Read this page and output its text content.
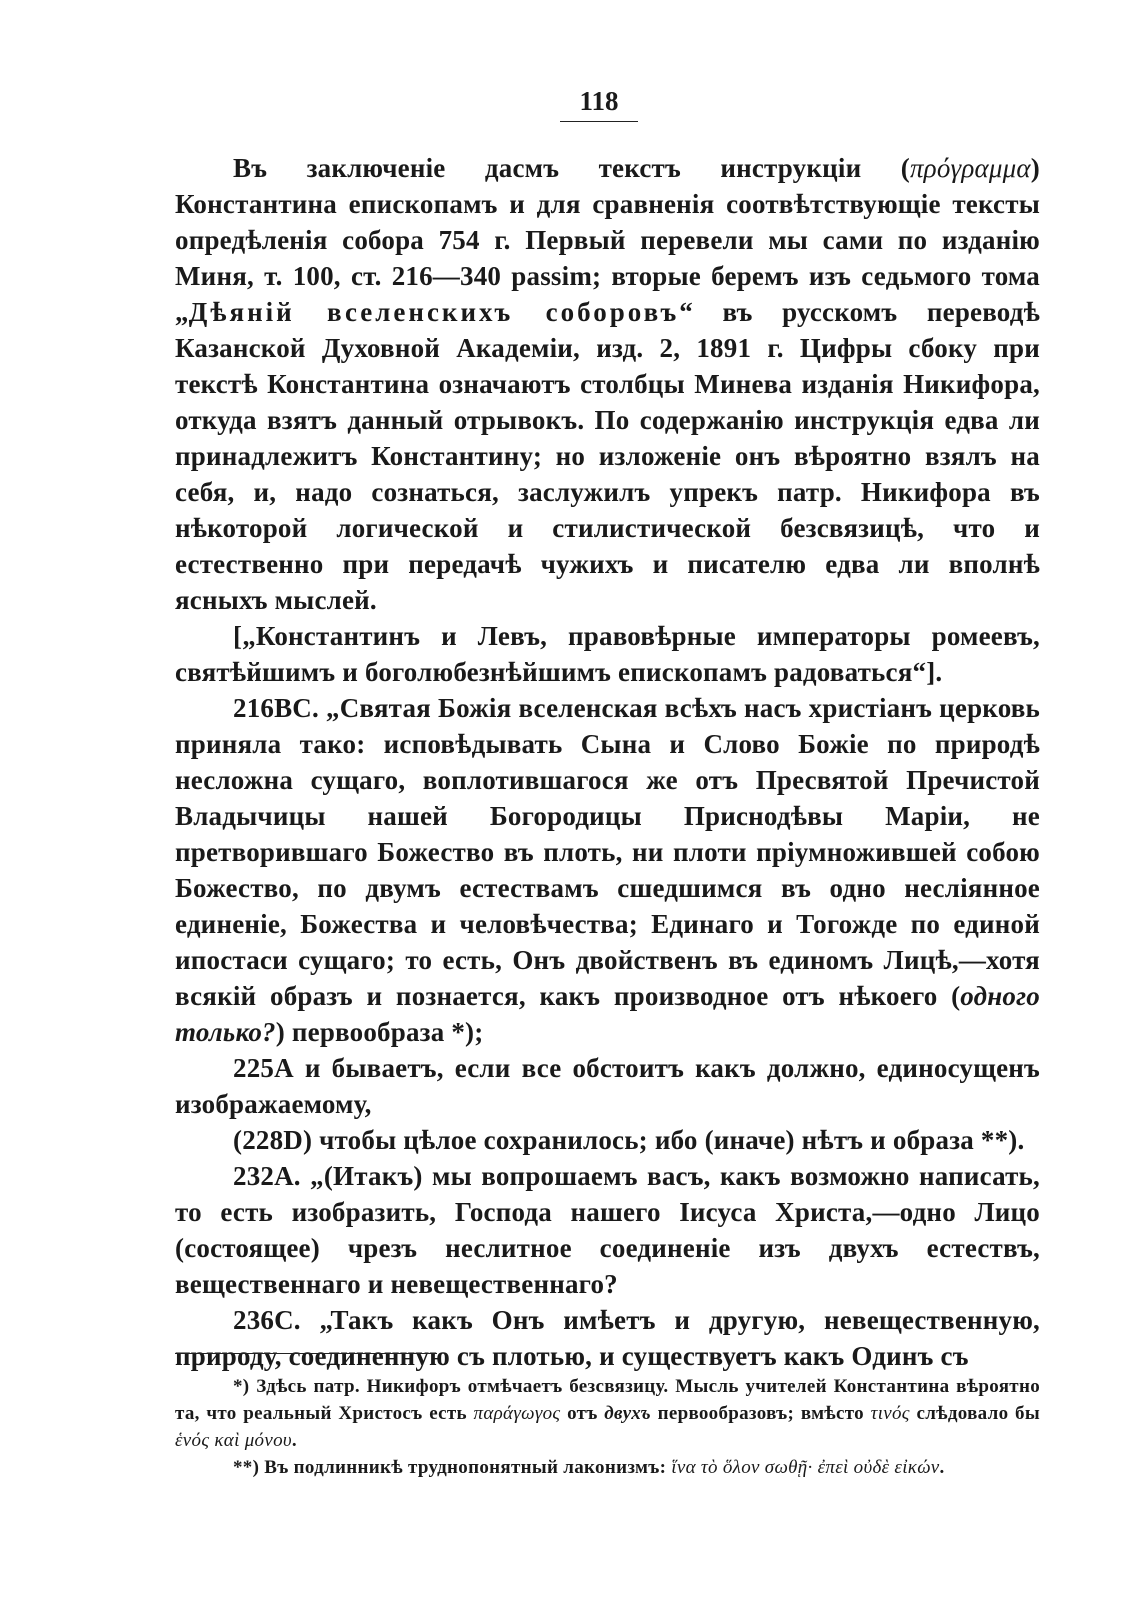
118

Въ заключеніе дасмъ текстъ инструкціи (πρόγραμμα) Константина епископамъ и для сравненія соотвѣтствующіе тексты опредѣленія собора 754 г. Первый перевели мы сами по изданію Миня, т. 100, ст. 216—340 passim; вторые беремъ изъ седьмого тома „Дѣяній вселенскихъ соборовъ“ въ русскомъ переводѣ Казанской Духовной Академіи, изд. 2, 1891 г. Цифры сбоку при текстѣ Константина означаютъ столбцы Минева изданія Никифора, откуда взятъ данный отрывокъ. По содержанію инструкція едва ли принадлежитъ Константину; но изложеніе онъ вѣроятно взялъ на себя, и, надо сознаться, заслужилъ упрекъ патр. Никифора въ нѣкоторой логической и стилистической безсвязицѣ, что и естественно при передачѣ чужихъ и писателю едва ли вполнѣ ясныхъ мыслей.

[„Константинъ и Левъ, правовѣрные императоры ромеевъ, святѣйшимъ и боголюбезнѣйшимъ епископамъ радоваться“].

216ВС. „Святая Божія вселенская всѣхъ насъ христіанъ церковь приняла тако: исповѣдывать Сына и Слово Божіе по природѣ несложна сущаго, воплотившагося же отъ Пресвятой Пречистой Владычицы нашей Богородицы Приснодѣвы Маріи, не претворившаго Божество въ плоть, ни плоти пріумножившей собою Божество, по двумъ естествамъ сшедшимся въ одно неслiянное единеніе, Божества и человѣчества; Единаго и Тогожде по единой ипостаси сущаго; то есть, Онъ двойственъ въ единомъ Лицѣ,—хотя всякій образъ и познается, какъ производное отъ нѣкоего (одного только?) первообраза *);

225А и бываетъ, если все обстоитъ какъ должно, единосущенъ изображаемому,

(228D) чтобы цѣлое сохранилось; ибо (иначе) нѣтъ и образа **).

232А. „(Итакъ) мы вопрошаемъ васъ, какъ возможно написать, то есть изобразить, Господа нашего Іисуса Христа,—одно Лицо (состоящее) чрезъ неслитное соединеніе изъ двухъ естествъ, вещественнаго и невещественнаго?

236С. „Такъ какъ Онъ имѣетъ и другую, невещественную, природу, соединенную съ плотью, и существуетъ какъ Одинъ съ

*) Здѣсь патр. Никифоръ отмѣчаетъ безсвязицу. Мысль учителей Константина вѣроятно та, что реальный Христосъ есть παράγωγος отъ двухъ первообразовъ; вмѣсто τινός слѣдовало бы ἑνός καὶ μόνου.

**) Въ подлинникѣ труднопонятный лаконизмъ: ἵνα τὸ ὅλον σωθῇ· ἐπεὶ οὐδὲ εἰκών.
